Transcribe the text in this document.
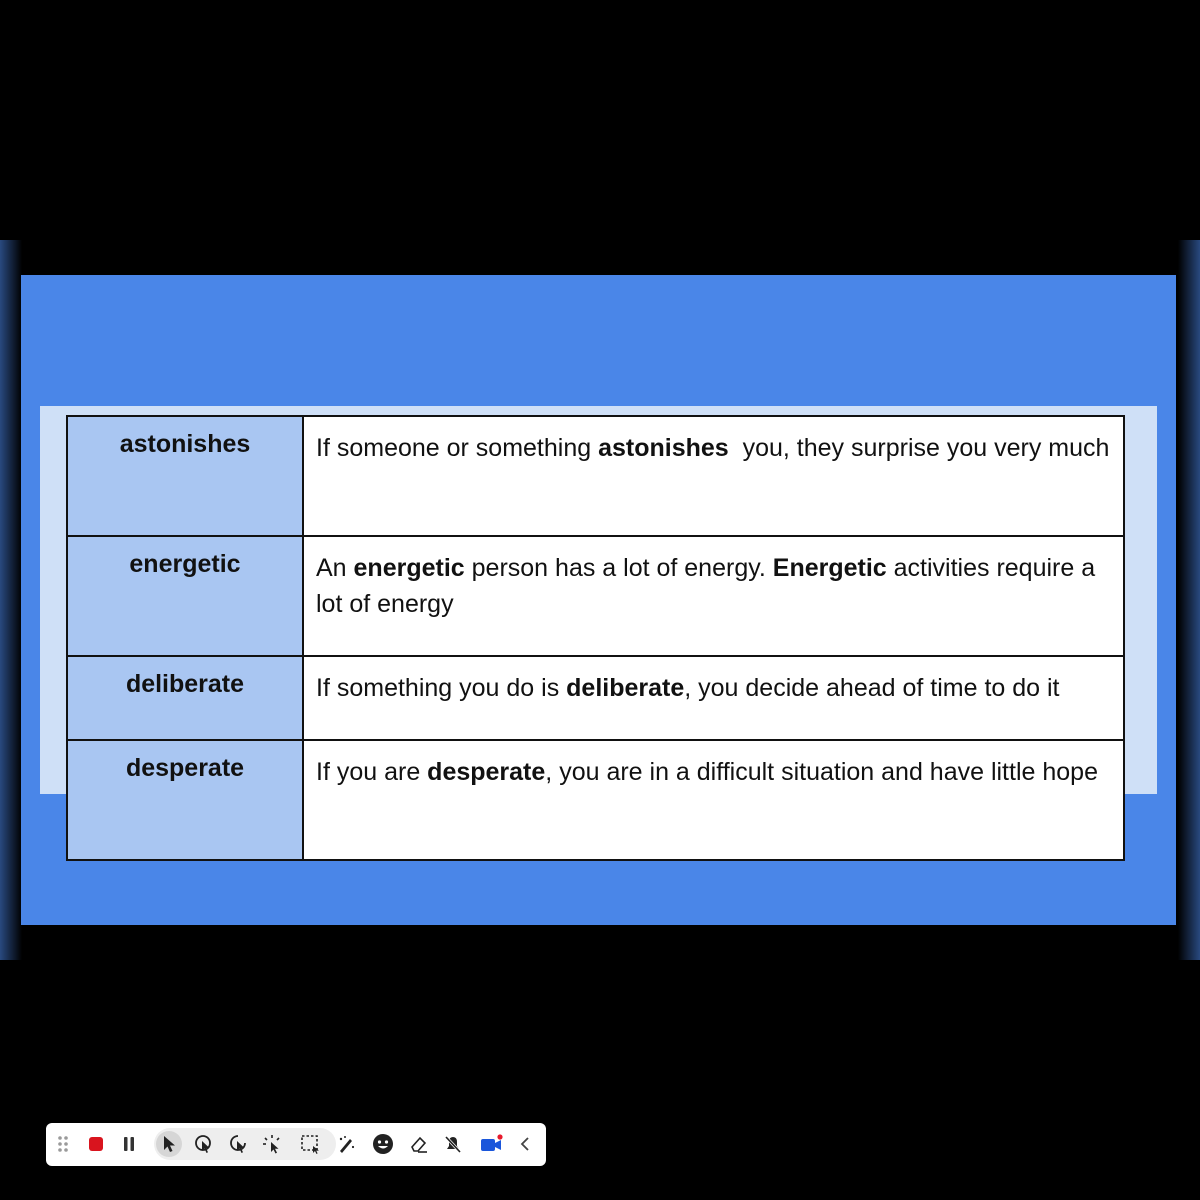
astonishes	If someone or something astonishes  you, they surprise you very much
energetic	An energetic person has a lot of energy. Energetic activities require a lot of energy
deliberate	If something you do is deliberate, you decide ahead of time to do it
desperate	If you are desperate, you are in a difficult situation and have little hope
